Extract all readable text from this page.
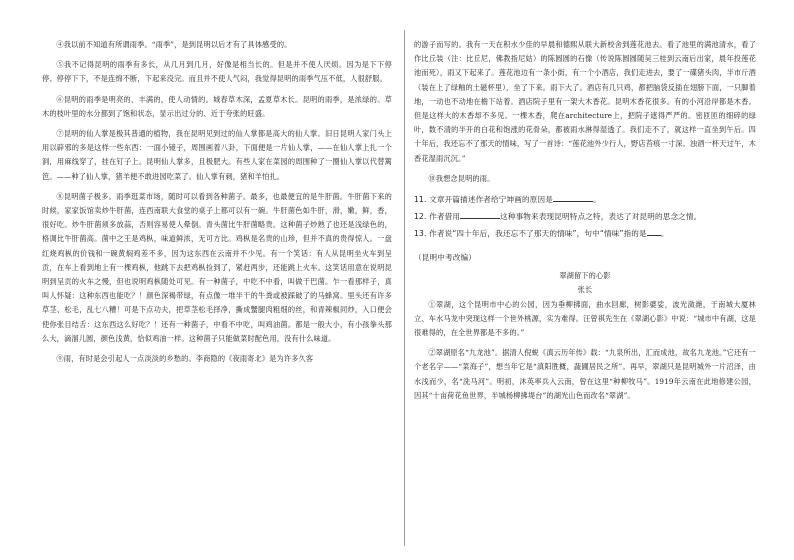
④我以前不知道有所谓雨季。“雨季”，是到昆明以后才有了具体感受的。

⑤我不记得昆明的雨季有多长，从几月到几月，好像是相当长的。但是并不使人厌烦。因为是下下停停、停停下下，不是连绵不断，下起来没完。而且并不使人气闷，我觉得昆明的雨季气压不低，人很舒服。

⑥昆明的雨季是明亮的、丰满的，使人动情的。城春草木深，孟夏草木长。昆明的雨季，是浓绿的。草木的枝叶里的水分都到了饱和状态，显示出过分的、近于夸张的旺盛。

⑦昆明的仙人掌是极其普通的植物，我在昆明见到过的仙人掌都是高大的仙人掌。旧日昆明人家门头上用以辟邪的多是这样一些东西：一面小镜子，周围画着八卦，下面便是一片仙人掌，——在仙人掌上扎一个洞，用麻线穿了，挂在钉子上。昆明仙人掌多，且极肥大。有些人家在菜园的周围种了一圈仙人掌以代替篱笆。——种了仙人掌，猪羊便不敢进园吃菜了。仙人掌有刺，猪和羊怕扎。

⑧昆明菌子极多。雨季逛菜市场，随时可以看到各种菌子。最多，也最便宜的是牛肝菌。牛肝菌下来的时候，家家饭馆卖炒牛肝菌，连西南联大食堂的桌子上都可以有一碗。牛肝菌色如牛肝，滑，嫩，鲜，香，很好吃。炒牛肝菌须多放蒜，否则容易使人晕倒。青头菌比牛肝菌略贵。这种菌子炒熟了也还是浅绿色的，格调比牛肝菌高。菌中之王是鸡枞，味道鲜浓，无可方比。鸡枞是名贵的山珍，但并不真的贵得惊人。一盘红烧鸡枞的价钱和一碗黄焖鸡差不多，因为这东西在云南并不少见。有一个笑话：有人从昆明坐火车到呈贡，在车上看到地上有一棵鸡枞，他跳下去把鸡枞捡到了，紧赶两步，还能跳上火车。这笑话用意在说明昆明到呈贡的火车之慢，但也说明鸡枞随处可见。有一种菌子，中吃不中看，叫做干巴菌。乍一看那样子，真叫人怀疑：这种东西也能吃？！颜色深褐带绿，有点像一堆半干的牛粪或被踩破了的马蜂窝。里头还有许多草茎、松毛，乱七八糟！可是下点功夫，把草茎松毛择净，撕成蟹腿肉粗细的丝，和青辣椒同炒，入口便会使你张目结舌：这东西这么好吃？！还有一种菌子，中看不中吃，叫鸡油菌。都是一般大小，有小孩拳头那么大，滴溜儿圆，颜色浅黄，恰似鸡油一样。这种菌子只能做菜时配色用，没有什么味道。

⑨雨，有时是会引起人一点淡淡的乡愁的。李商隐的《夜雨寄北》是为许多久客

的游子而写的。我有一天在积水少佳的早晨和德熙从联大新校舍到莲花池去。看了池里的满池清水，看了作比丘装（注：比丘尼，佛教指尼姑）的陈圆圆的石像（传说陈圆圆随吴三桂到云南后出家，晨年投莲花池而死），雨又下起来了。莲花池边有一条小街，有一个小酒店，我们走进去，要了一碟猪头肉，半市斤酒（装在上了绿釉的土磁杯里），坐了下来。雨下大了。酒店有几只鸡，都把脑袋反插在翅膀下面，一只脚着地，一动也不动地在檐下站着。酒店院子里有一架大木香花。昆明木香花很多。有的小河沿岸都是木香。但是这样大的木香却不多见。一棵木香，爬在architecture上，把院子遮得严严的。密匝匝的细碎的绿叶，数不清的半开的白花和饱涨的花骨朵，都被雨水淋得湿透了。我们走不了，就这样一直坐到午后。四十年后，我还忘不了那天的情味，写了一首诗：“莲花池外少行人，野店苔痕一寸深。浊酒一杯天过午，木香花湿雨沉沉。”

⑩我想念昆明的雨。

11. 文章开篇描述作者给宁坤画的原因是	。
12. 作者借用	这种事物来表现昆明特点之特，表达了对昆明的思念之情。
13. 作者说“四十年后，我还忘不了那天的情味”，句中“情味”指的是 。
（昆明中考改编）
翠湖留下的心影
张长

①翠湖，这个昆明市中心的公园，因为垂柳拂面，曲水回廊，树影婆娑，波光潋滟，于南城大厦林立、车水马龙中突现这样一个世外桃源，实为难得。汪曾祺先生在《翠湖心影》中说：“城市中有湖，这是很难得的，在全世界都是不多的。”

②翠湖原名“九龙池”。据清人倪蜕《滇云历年传》载：“九泉所出，汇而成池，故名九龙池。”它还有一个老名字——“菜海子”，想当年它是“滇阳胜概，蔬圃居民之所”。再早，翠湖只是昆明城外一片沼泽，由水浅而少，名“洗马河”。明初，沐英率兵入云南，曾在这里“种柳牧马”。1919年云南在此地修建公园，因其“十亩荷花鱼世界，半城杨柳拂堤台”的湖光山色而改名“翠湖”。
